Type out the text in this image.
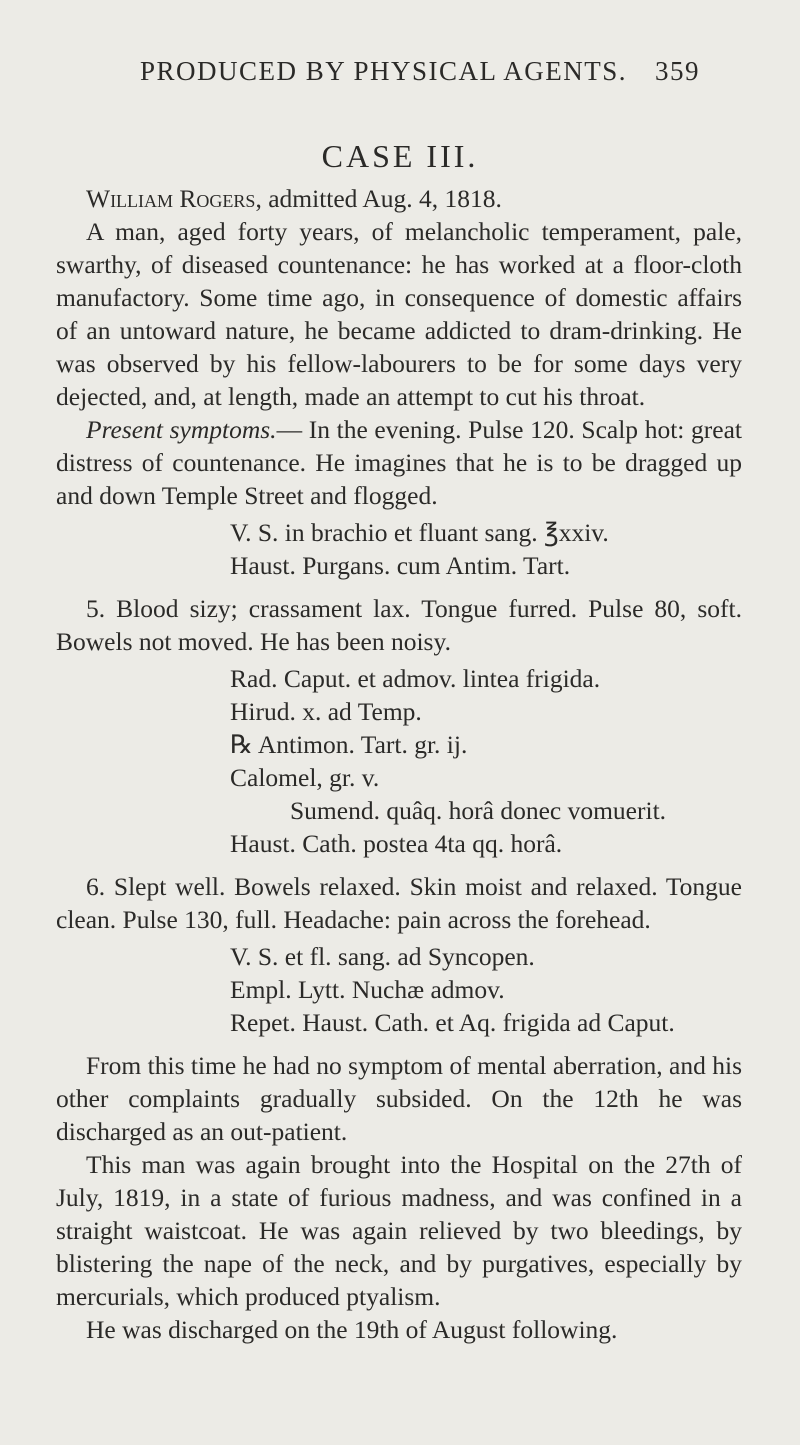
PRODUCED BY PHYSICAL AGENTS. 359
CASE III.

William Rogers, admitted Aug. 4, 1818.

A man, aged forty years, of melancholic temperament, pale, swarthy, of diseased countenance: he has worked at a floor-cloth manufactory. Some time ago, in consequence of domestic affairs of an untoward nature, he became addicted to dram-drinking. He was observed by his fellow-labourers to be for some days very dejected, and, at length, made an attempt to cut his throat.

Present symptoms.— In the evening. Pulse 120. Scalp hot: great distress of countenance. He imagines that he is to be dragged up and down Temple Street and flogged.

V. S. in brachio et fluant sang. ℥xxiv.
Haust. Purgans. cum Antim. Tart.

5. Blood sizy; crassament lax. Tongue furred. Pulse 80, soft. Bowels not moved. He has been noisy.

Rad. Caput. et admov. lintea frigida.
Hirud. x. ad Temp.
℞ Antimon. Tart. gr. ij.
Calomel, gr. v.
Sumend. quâq. horâ donec vomuerit.
Haust. Cath. postea 4ta qq. horâ.

6. Slept well. Bowels relaxed. Skin moist and relaxed. Tongue clean. Pulse 130, full. Headache: pain across the forehead.

V. S. et fl. sang. ad Syncopen.
Empl. Lytt. Nuchæ admov.
Repet. Haust. Cath. et Aq. frigida ad Caput.

From this time he had no symptom of mental aberration, and his other complaints gradually subsided. On the 12th he was discharged as an out-patient.

This man was again brought into the Hospital on the 27th of July, 1819, in a state of furious madness, and was confined in a straight waistcoat. He was again relieved by two bleedings, by blistering the nape of the neck, and by purgatives, especially by mercurials, which produced ptyalism.

He was discharged on the 19th of August following.
